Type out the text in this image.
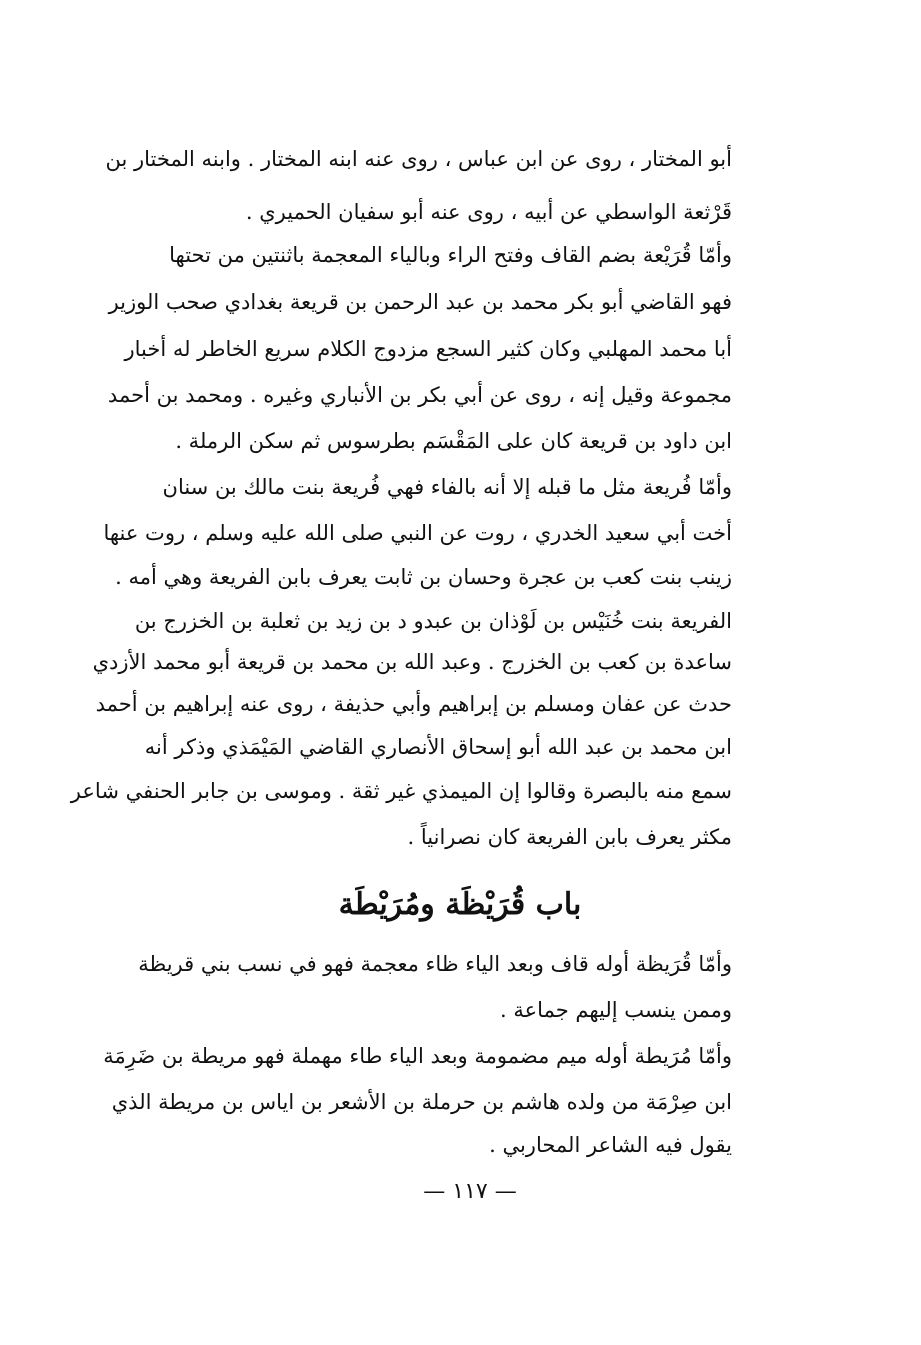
أبو المختار ، روى عن ابن عباس ، روى عنه ابنه المختار . وابنه المختار بن
قَرْثعة الواسطي عن أبيه ، روى عنه أبو سفيان الحميري .
وأمّا قُرَيْعة بضم القاف وفتح الراء وبالياء المعجمة باثنتين من تحتها
فهو القاضي أبو بكر محمد بن عبد الرحمن بن قريعة بغدادي صحب الوزير
أبا محمد المهلبي وكان كثير السجع مزدوج الكلام سريع الخاطر له أخبار
مجموعة وقيل إنه ، روى عن أبي بكر بن الأنباري وغيره . ومحمد بن أحمد
ابن داود بن قريعة كان على المَقْسَم بطرسوس ثم سكن الرملة .
وأمّا فُريعة مثل ما قبله إلا أنه بالفاء فهي فُريعة بنت مالك بن سنان
أخت أبي سعيد الخدري ، روت عن النبي صلى الله عليه وسلم ، روت عنها
زينب بنت كعب بن عجرة وحسان بن ثابت يعرف بابن الفريعة وهي أمه .
الفريعة بنت خُنَيْس بن لَوْذان بن عبدو د بن زيد بن ثعلبة بن الخزرج بن
ساعدة بن كعب بن الخزرج . وعبد الله بن محمد بن قريعة أبو محمد الأزدي
حدث عن عفان ومسلم بن إبراهيم وأبي حذيفة ، روى عنه إبراهيم بن أحمد
ابن محمد بن عبد الله أبو إسحاق الأنصاري القاضي المَيْمَذي وذكر أنه
سمع منه بالبصرة وقالوا إن الميمذي غير ثقة . وموسى بن جابر الحنفي شاعر
مكثر يعرف بابن الفريعة كان نصرانياً .
باب قُرَيْظَة ومُرَيْطَة
وأمّا قُرَيظة أوله قاف وبعد الياء ظاء معجمة فهو في نسب بني قريظة
وممن ينسب إليهم جماعة .
وأمّا مُرَيطة أوله ميم مضمومة وبعد الياء طاء مهملة فهو مريطة بن ضَرِمَة
ابن صِرْمَة من ولده هاشم بن حرملة بن الأشعر بن اياس بن مريطة الذي
يقول فيه الشاعر المحاربي .
— ١١٧ —
